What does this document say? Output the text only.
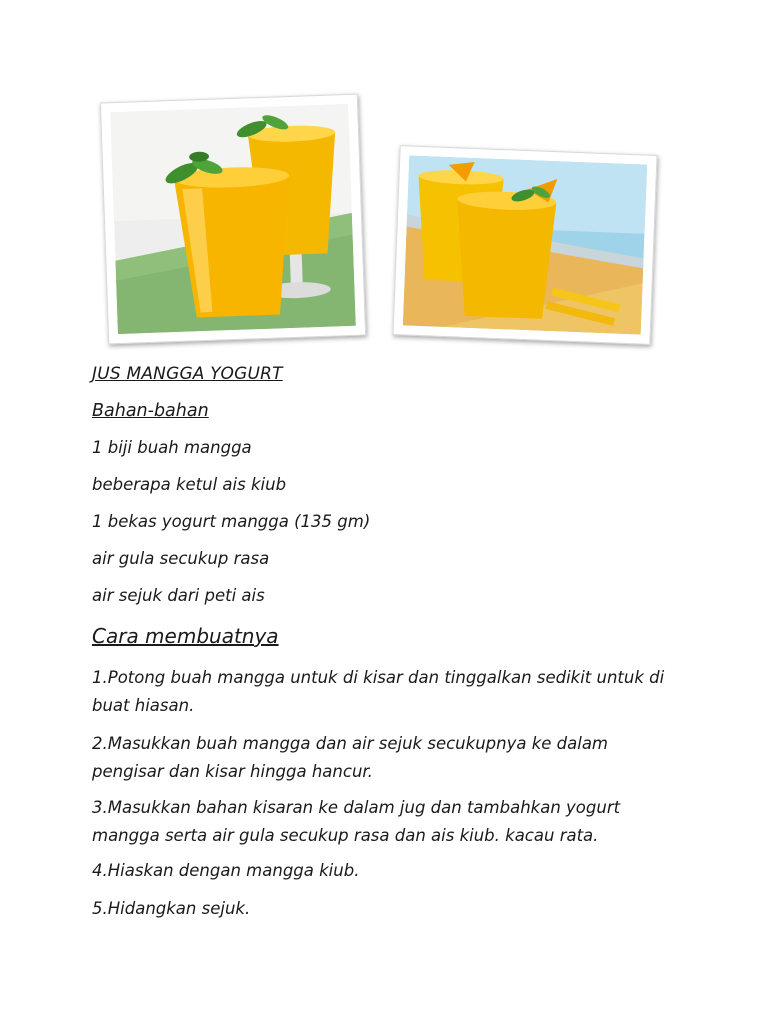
JUS MANGGA YOGURT
Bahan-bahan
1 biji buah mangga
beberapa ketul ais kiub
1 bekas yogurt mangga (135 gm)
air gula secukup rasa
air sejuk dari peti ais
Cara membuatnya
1.Potong buah mangga untuk di kisar dan tinggalkan sedikit untuk di buat hiasan.
2.Masukkan buah mangga dan air sejuk secukupnya ke dalam pengisar dan kisar hingga hancur.
3.Masukkan bahan kisaran ke dalam jug dan tambahkan yogurt mangga serta air gula secukup rasa dan ais kiub. kacau rata.
4.Hiaskan dengan mangga kiub.
5.Hidangkan sejuk.
